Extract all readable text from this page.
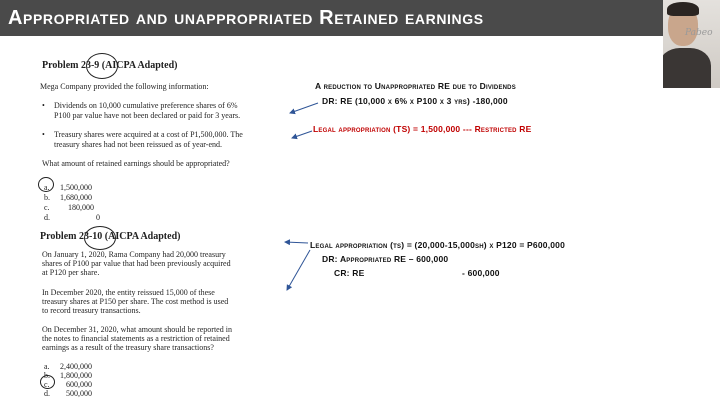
Appropriated and unappropriated Retained earnings
Pabeo
Problem 23-9 (AICPA Adapted)
Mega Company provided the following information:
• Dividends on 10,000 cumulative preference shares of 6%
P100 par value have not been declared or paid for 3 years.
• Treasury shares were acquired at a cost of P1,500,000. The
treasury shares had not been reissued as of year-end.
What amount of retained earnings should be appropriated?
a. 1,500,000
b. 1,680,000
c. 180,000
d.	0
Problem 23-10 (AICPA Adapted)
On January 1, 2020, Rama Company had 20,000 treasury
shares of P100 par value that had been previously acquired
at P120 per share.
In December 2020, the entity reissued 15,000 of these
treasury shares at P150 per share. The cost method is used
to record treasury transactions.
On December 31, 2020, what amount should be reported in
the notes to financial statements as a restriction of retained
earnings as a result of the treasury share transactions?
a. 2,400,000
b. 1,800,000
c. 600,000
d. 500,000
A reduction to Unappropriated RE due to Dividends
DR: RE (10,000 x 6% x P100 x 3 yrs) -180,000
Legal appropriation (TS) = 1,500,000 --- Restricted RE
Legal appropriation (ts) = (20,000-15,000sh) x P120 = P600,000
DR: Appropriated RE – 600,000
CR: RE	- 600,000
